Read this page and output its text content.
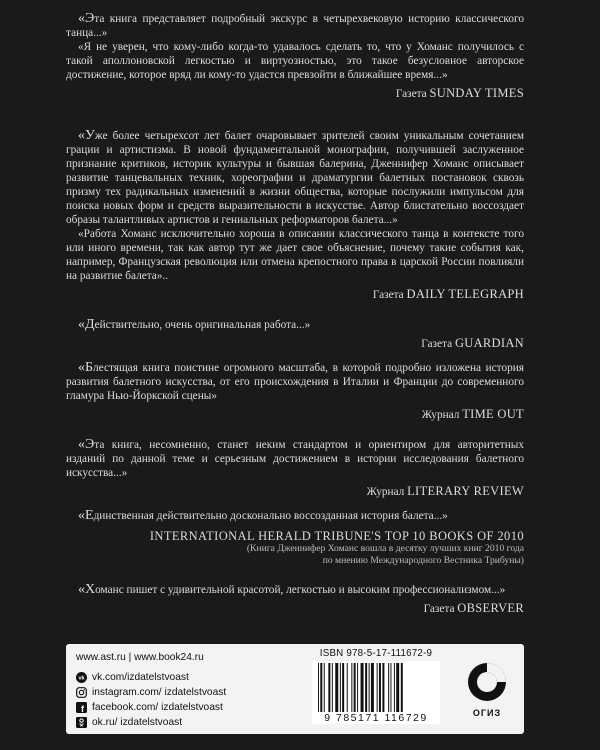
«Эта книга представляет подробный экскурс в четырехвековую историю классического танца...»

«Я не уверен, что кому-либо когда-то удавалось сделать то, что у Хоманс получилось с такой аполлоновской легкостью и виртуозностью, это такое безусловное авторское достижение, которое вряд ли кому-то удастся превзойти в ближайшее время...»

Газета SUNDAY TIMES

«Уже более четырехсот лет балет очаровывает зрителей своим уникальным сочетанием грации и артистизма. В новой фундаментальной монографии, получившей заслуженное признание критиков, историк культуры и бывшая балерина, Дженнифер Хоманс описывает развитие танцевальных техник, хореографии и драматургии балетных постановок сквозь призму тех радикальных изменений в жизни общества, которые послужили импульсом для поиска новых форм и средств выразительности в искусстве. Автор блистательно воссоздает образы талантливых артистов и гениальных реформаторов балета...»

«Работа Хоманс исключительно хороша в описании классического танца в контексте того или иного времени, так как автор тут же дает свое объяснение, почему такие события как, например, Французская революция или отмена крепостного права в царской России повлияли на развитие балета»..

Газета DAILY TELEGRAPH

«Действительно, очень оригинальная работа...»

Газета GUARDIAN

«Блестящая книга поистине огромного масштаба, в которой подробно изложена история развития балетного искусства, от его происхождения в Италии и Франции до современного гламура Нью-Йоркской сцены»

Журнал TIME OUT

«Эта книга, несомненно, станет неким стандартом и ориентиром для авторитетных изданий по данной теме и серьезным достижением в истории исследования балетного искусства...»

Журнал LITERARY REVIEW

«Единственная действительно досконально воссозданная история балета...»

INTERNATIONAL HERALD TRIBUNE'S TOP 10 BOOKS OF 2010
(Книга Дженнифер Хоманс вошла в десятку лучших книг 2010 года
по мнению Международного Вестника Трибуны)

«Хоманс пишет с удивительной красотой, легкостью и высоким профессионализмом...»

Газета OBSERVER
www.ast.ru | www.book24.ru
vk vk.com/izdatelstvoast
instagram.com/ izdatelstvoast
f facebook.com/ izdatelstvoast
ok.ru/ izdatelstvoast
ISBN 978-5-17-111672-9
9 785171 116729	ОГИЗ
